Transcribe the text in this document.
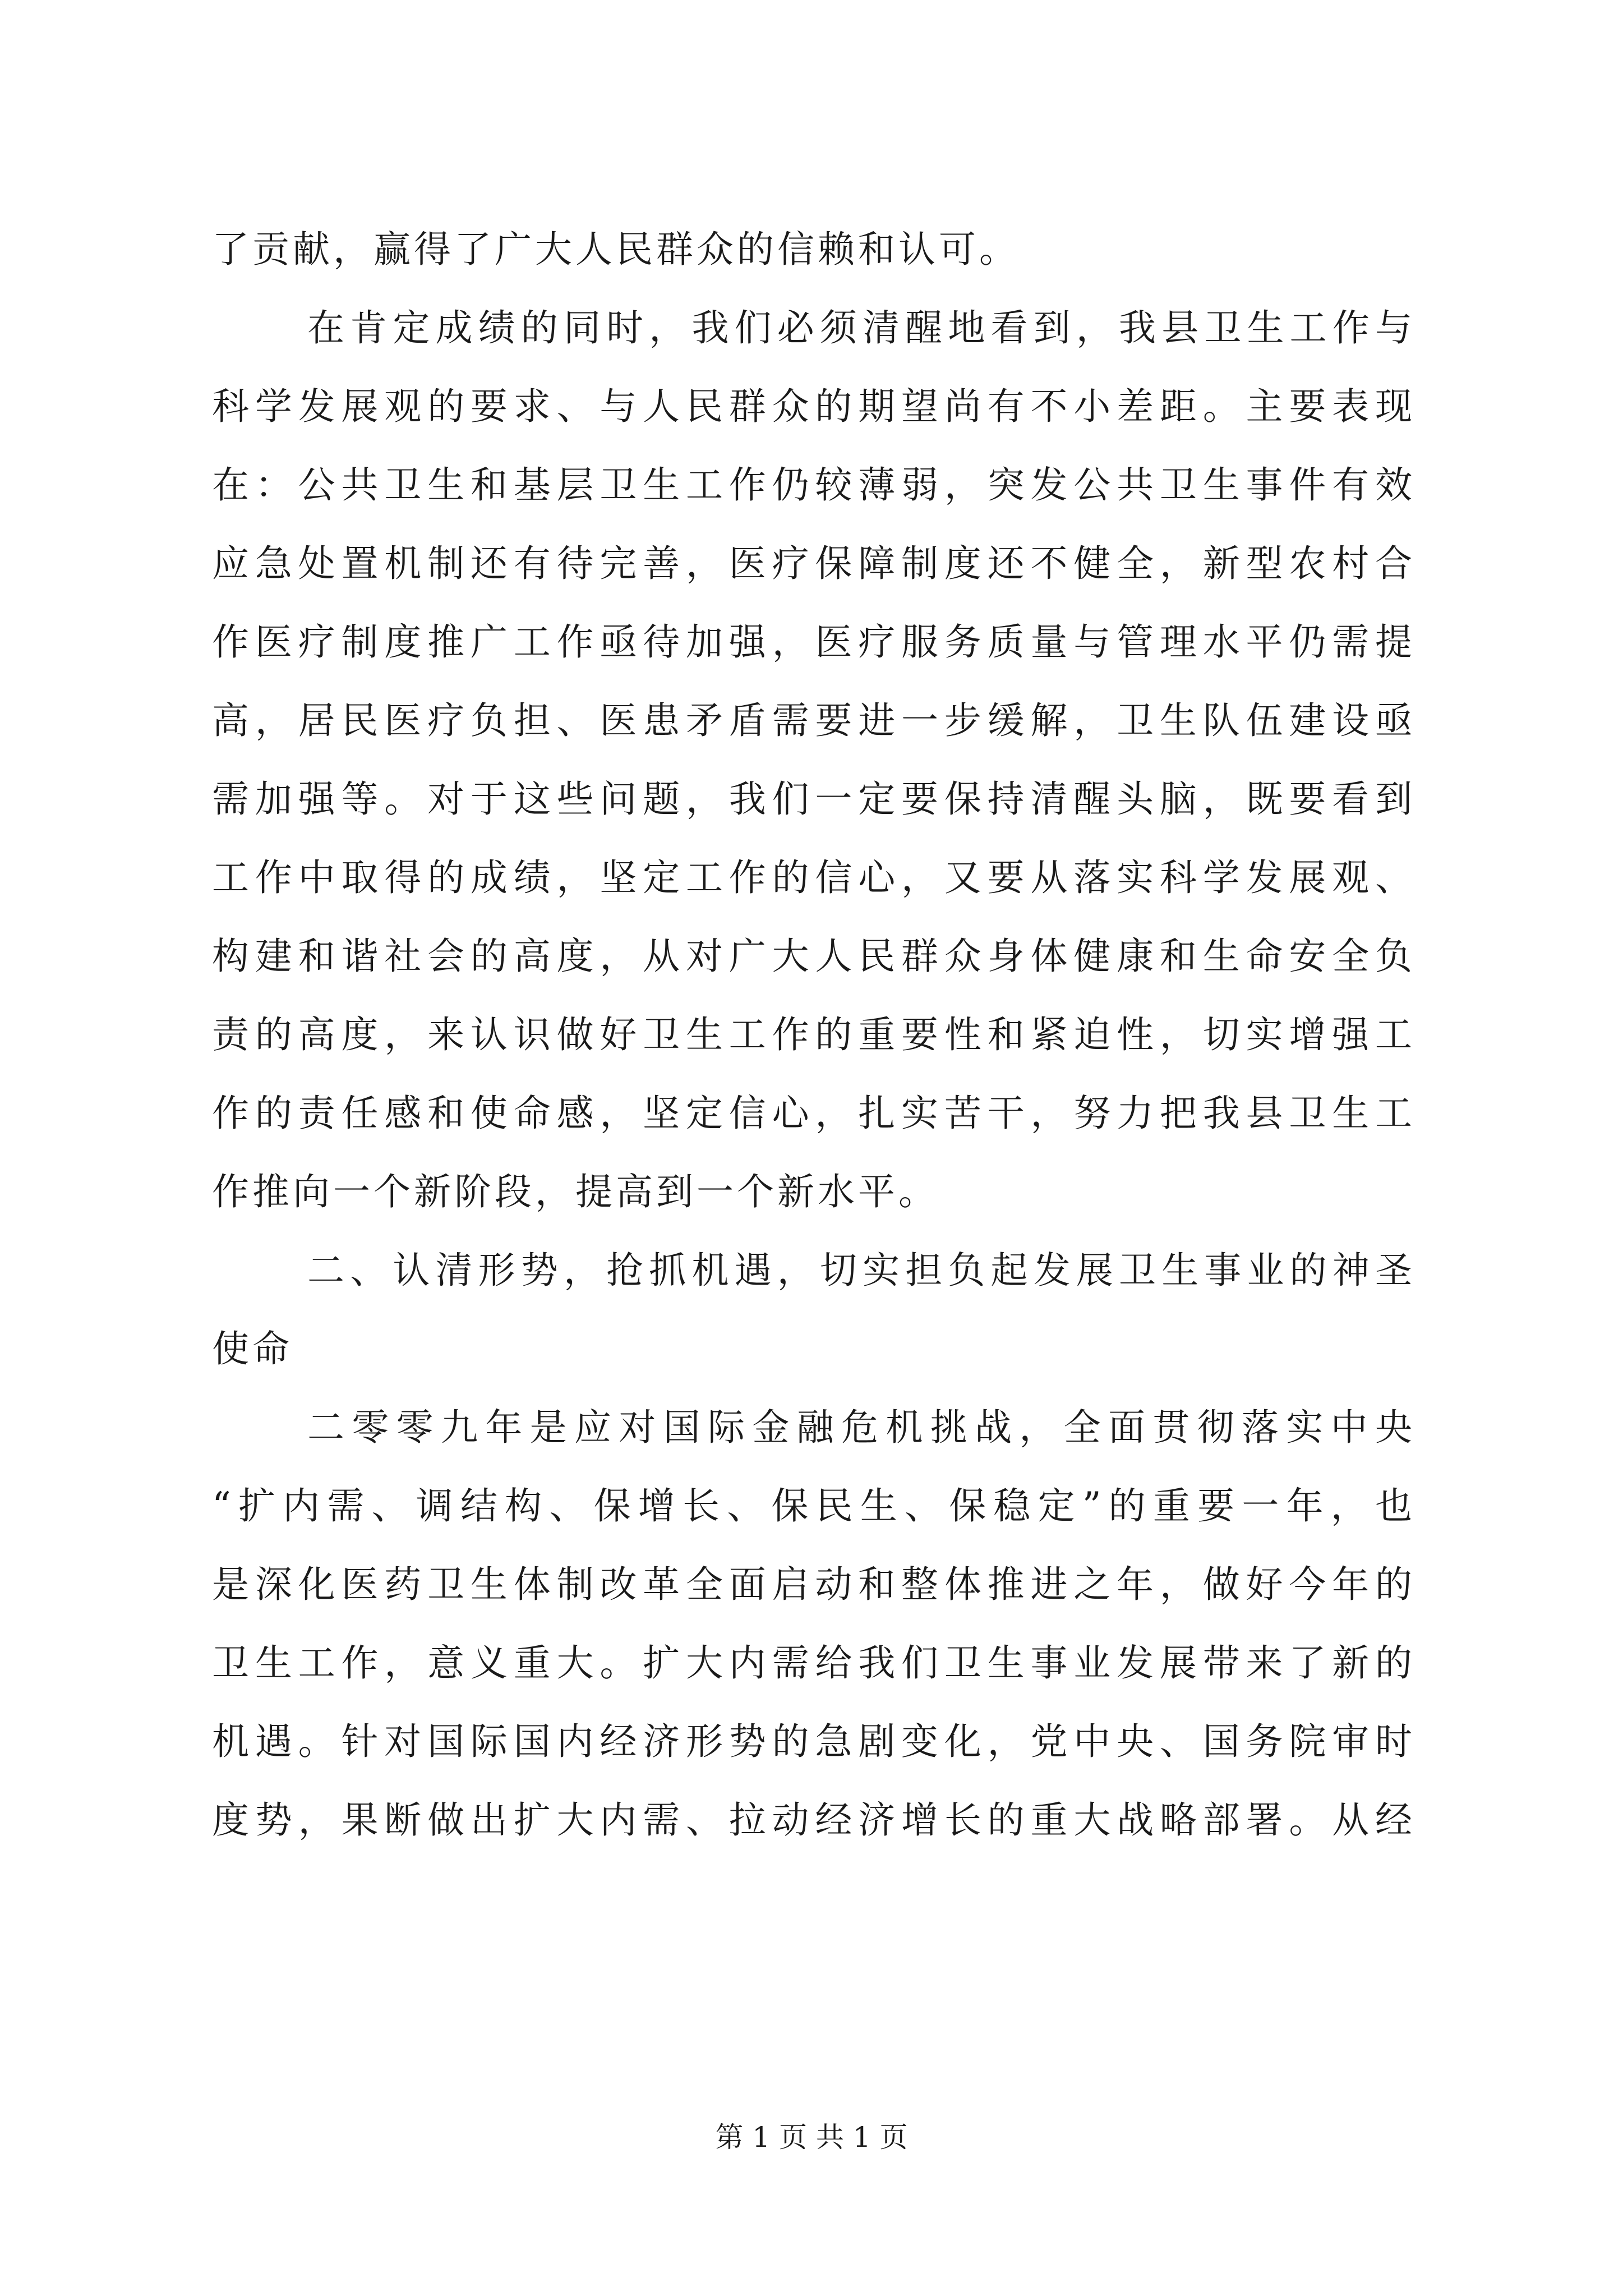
了贡献，赢得了广大人民群众的信赖和认可。
在肯定成绩的同时，我们必须清醒地看到，我县卫生工作与
科学发展观的要求、与人民群众的期望尚有不小差距。主要表现
在：公共卫生和基层卫生工作仍较薄弱，突发公共卫生事件有效
应急处置机制还有待完善，医疗保障制度还不健全，新型农村合
作医疗制度推广工作亟待加强，医疗服务质量与管理水平仍需提
高，居民医疗负担、医患矛盾需要进一步缓解，卫生队伍建设亟
需加强等。对于这些问题，我们一定要保持清醒头脑，既要看到
工作中取得的成绩，坚定工作的信心，又要从落实科学发展观、
构建和谐社会的高度，从对广大人民群众身体健康和生命安全负
责的高度，来认识做好卫生工作的重要性和紧迫性，切实增强工
作的责任感和使命感，坚定信心，扎实苦干，努力把我县卫生工
作推向一个新阶段，提高到一个新水平。
二、认清形势，抢抓机遇，切实担负起发展卫生事业的神圣
使命
二零零九年是应对国际金融危机挑战，全面贯彻落实中央
“扩内需、调结构、保增长、保民生、保稳定”的重要一年，也
是深化医药卫生体制改革全面启动和整体推进之年，做好今年的
卫生工作，意义重大。扩大内需给我们卫生事业发展带来了新的
机遇。针对国际国内经济形势的急剧变化，党中央、国务院审时
度势，果断做出扩大内需、拉动经济增长的重大战略部署。从经
第 1 页 共 1 页
